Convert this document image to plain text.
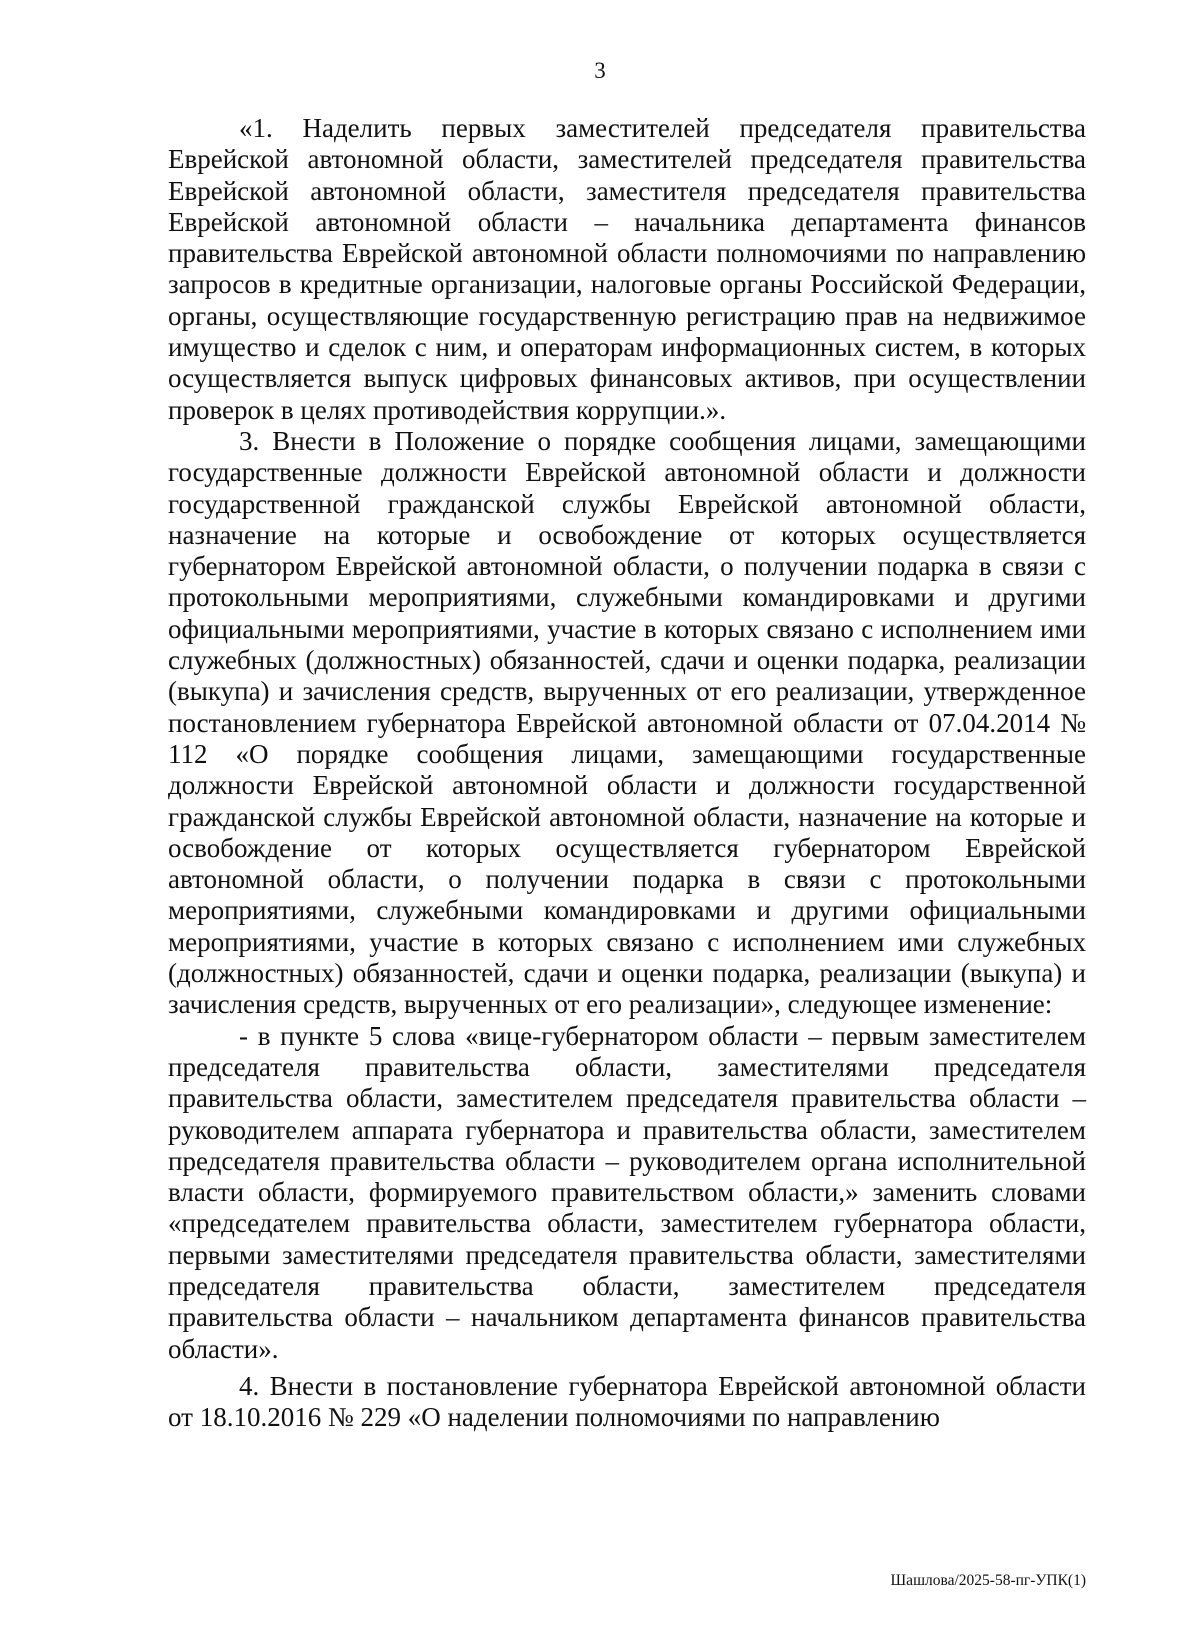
3

«1. Наделить первых заместителей председателя правительства Еврейской автономной области, заместителей председателя правительства Еврейской автономной области, заместителя председателя правительства Еврейской автономной области – начальника департамента финансов правительства Еврейской автономной области полномочиями по направлению запросов в кредитные организации, налоговые органы Российской Федерации, органы, осуществляющие государственную регистрацию прав на недвижимое имущество и сделок с ним, и операторам информационных систем, в которых осуществляется выпуск цифровых финансовых активов, при осуществлении проверок в целях противодействия коррупции.».

3. Внести в Положение о порядке сообщения лицами, замещающими государственные должности Еврейской автономной области и должности государственной гражданской службы Еврейской автономной области, назначение на которые и освобождение от которых осуществляется губернатором Еврейской автономной области, о получении подарка в связи с протокольными мероприятиями, служебными командировками и другими официальными мероприятиями, участие в которых связано с исполнением ими служебных (должностных) обязанностей, сдачи и оценки подарка, реализации (выкупа) и зачисления средств, вырученных от его реализации, утвержденное постановлением губернатора Еврейской автономной области от 07.04.2014 № 112 «О порядке сообщения лицами, замещающими государственные должности Еврейской автономной области и должности государственной гражданской службы Еврейской автономной области, назначение на которые и освобождение от которых осуществляется губернатором Еврейской автономной области, о получении подарка в связи с протокольными мероприятиями, служебными командировками и другими официальными мероприятиями, участие в которых связано с исполнением ими служебных (должностных) обязанностей, сдачи и оценки подарка, реализации (выкупа) и зачисления средств, вырученных от его реализации», следующее изменение:

- в пункте 5 слова «вице-губернатором области – первым заместителем председателя правительства области, заместителями председателя правительства области, заместителем председателя правительства области – руководителем аппарата губернатора и правительства области, заместителем председателя правительства области – руководителем органа исполнительной власти области, формируемого правительством области,» заменить словами «председателем правительства области, заместителем губернатора области, первыми заместителями председателя правительства области, заместителями председателя правительства области, заместителем председателя правительства области – начальником департамента финансов правительства области».

4. Внести в постановление губернатора Еврейской автономной области от 18.10.2016 № 229 «О наделении полномочиями по направлению

Шашлова/2025-58-пг-УПК(1)
